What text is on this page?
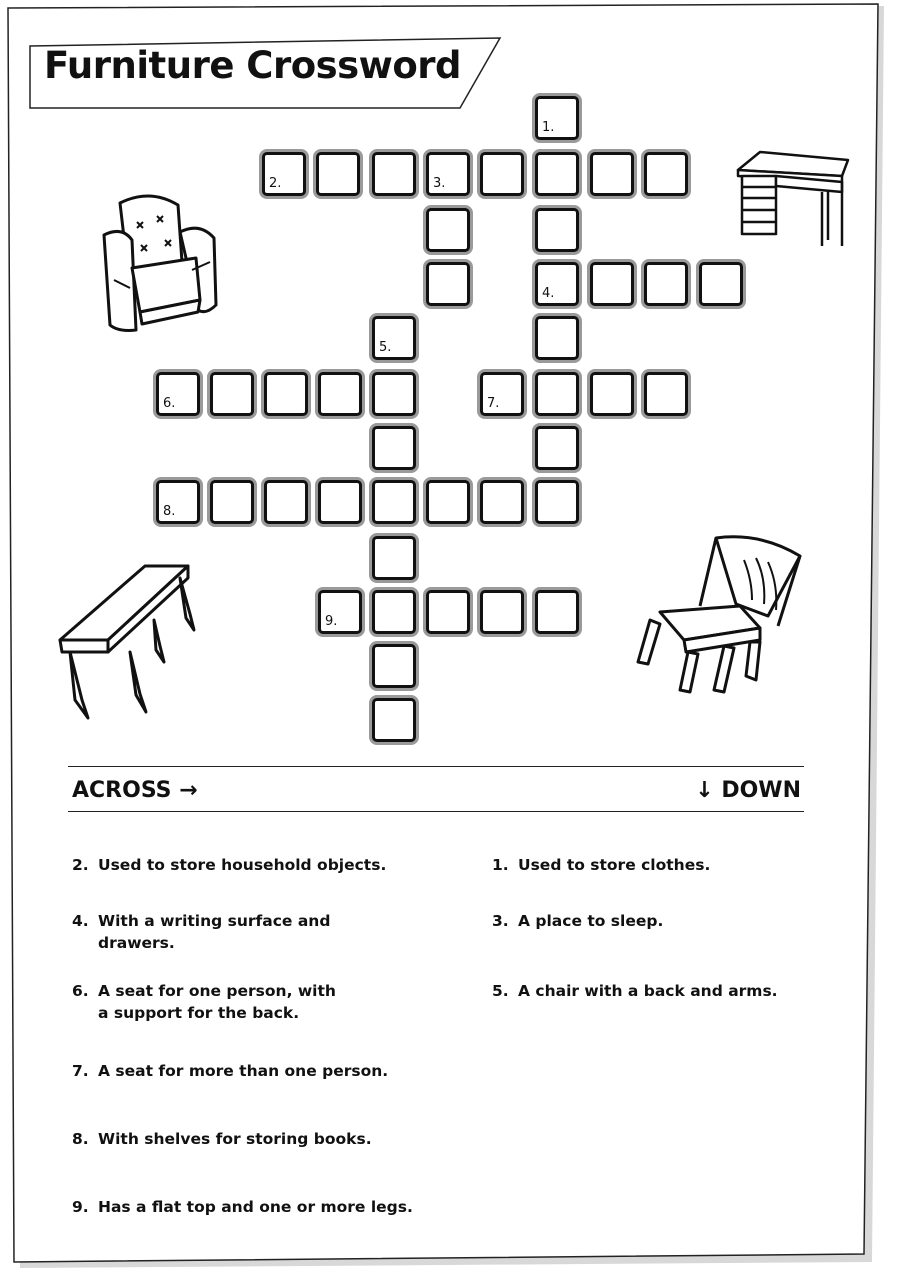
Furniture Crossword
1.
2.	3.
4.
5.
6.	7.
8.
9.
ACROSS →	↓ DOWN
2. Used to store household objects.
4. With a writing surface and
drawers.
6. A seat for one person, with
a support for the back.
7. A seat for more than one person.
8. With shelves for storing books.
9. Has a flat top and one or more legs.
1. Used to store clothes.
3. A place to sleep.
5. A chair with a back and arms.
